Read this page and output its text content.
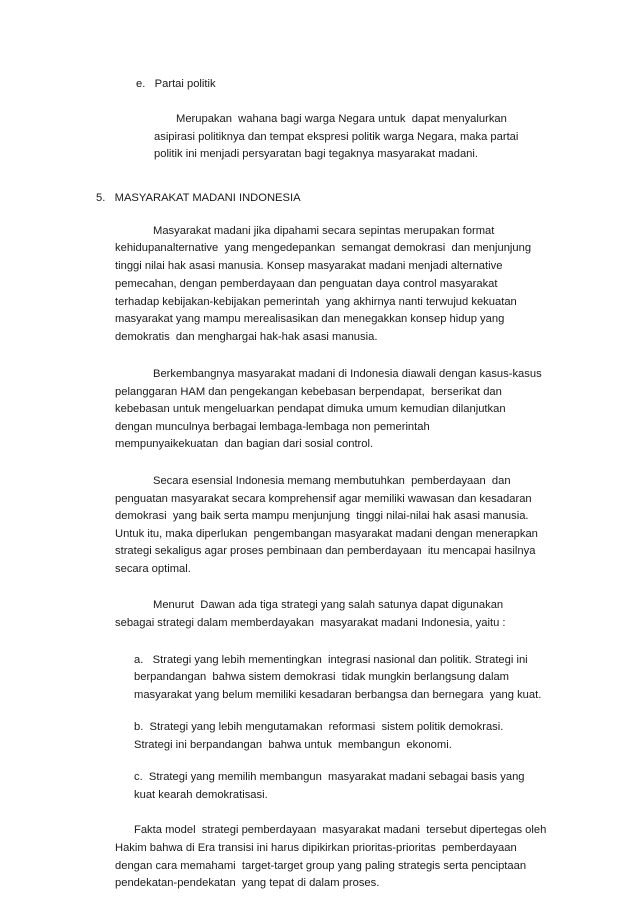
e.   Partai politik
Merupakan  wahana bagi warga Negara untuk  dapat menyalurkan
asipirasi politiknya dan tempat ekspresi politik warga Negara, maka partai
politik ini menjadi persyaratan bagi tegaknya masyarakat madani.
5.   MASYARAKAT MADANI INDONESIA
Masyarakat madani jika dipahami secara sepintas merupakan format
kehidupanalternative  yang mengedepankan  semangat demokrasi  dan menjunjung
tinggi nilai hak asasi manusia. Konsep masyarakat madani menjadi alternative
pemecahan, dengan pemberdayaan dan penguatan daya control masyarakat
terhadap kebijakan-kebijakan pemerintah  yang akhirnya nanti terwujud kekuatan
masyarakat yang mampu merealisasikan dan menegakkan konsep hidup yang
demokratis  dan menghargai hak-hak asasi manusia.
Berkembangnya masyarakat madani di Indonesia diawali dengan kasus-kasus
pelanggaran HAM dan pengekangan kebebasan berpendapat,  berserikat dan
kebebasan untuk mengeluarkan pendapat dimuka umum kemudian dilanjutkan
dengan munculnya berbagai lembaga-lembaga non pemerintah
mempunyaikekuatan  dan bagian dari sosial control.
Secara esensial Indonesia memang membutuhkan  pemberdayaan  dan
penguatan masyarakat secara komprehensif agar memiliki wawasan dan kesadaran
demokrasi  yang baik serta mampu menjunjung  tinggi nilai-nilai hak asasi manusia.
Untuk itu, maka diperlukan  pengembangan masyarakat madani dengan menerapkan
strategi sekaligus agar proses pembinaan dan pemberdayaan  itu mencapai hasilnya
secara optimal.
Menurut  Dawan ada tiga strategi yang salah satunya dapat digunakan
sebagai strategi dalam memberdayakan  masyarakat madani Indonesia, yaitu :
a.   Strategi yang lebih mementingkan  integrasi nasional dan politik. Strategi ini
berpandangan  bahwa sistem demokrasi  tidak mungkin berlangsung dalam
masyarakat yang belum memiliki kesadaran berbangsa dan bernegara  yang kuat.
b.  Strategi yang lebih mengutamakan  reformasi  sistem politik demokrasi.
Strategi ini berpandangan  bahwa untuk  membangun  ekonomi.
c.  Strategi yang memilih membangun  masyarakat madani sebagai basis yang
kuat kearah demokratisasi.
Fakta model  strategi pemberdayaan  masyarakat madani  tersebut dipertegas oleh
Hakim bahwa di Era transisi ini harus dipikirkan prioritas-prioritas  pemberdayaan
dengan cara memahami  target-target group yang paling strategis serta penciptaan
pendekatan-pendekatan  yang tepat di dalam proses.
